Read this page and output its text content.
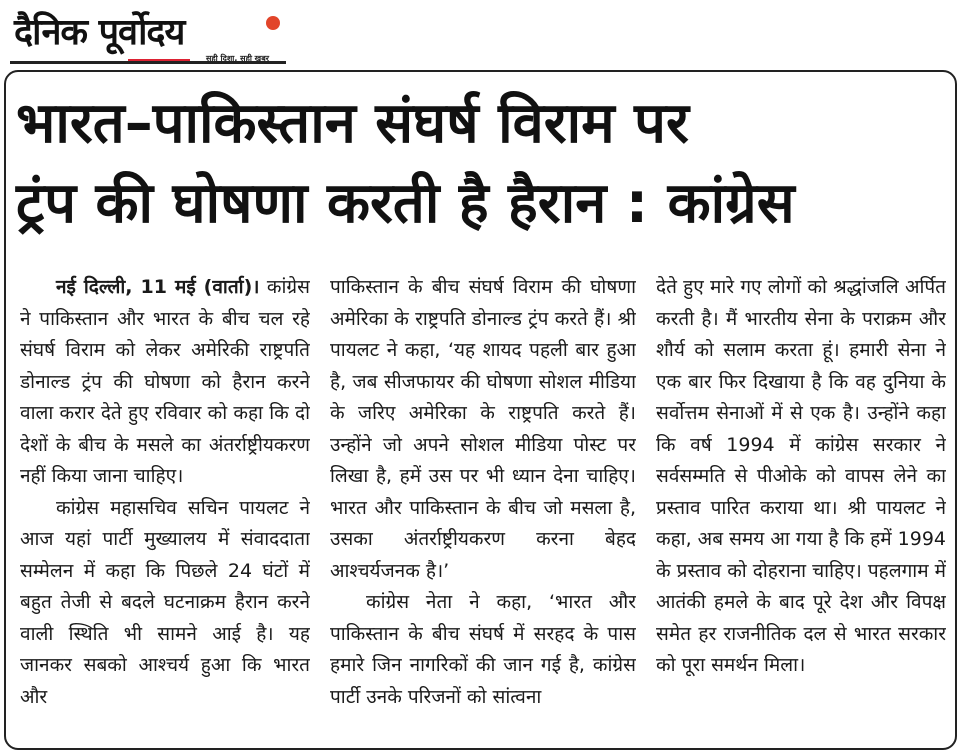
दैनिक पूर्वोदय
सही दिशा, सही खबर
भारत–पाकिस्तान संघर्ष विराम पर
ट्रंप की घोषणा करती है हैरान : कांग्रेस

नई दिल्ली, 11 मई (वार्ता)। कांग्रेस ने पाकिस्तान और भारत के बीच चल रहे संघर्ष विराम को लेकर अमेरिकी राष्ट्रपति डोनाल्ड ट्रंप की घोषणा को हैरान करने वाला करार देते हुए रविवार को कहा कि दो देशों के बीच के मसले का अंतर्राष्ट्रीयकरण नहीं किया जाना चाहिए।

कांग्रेस महासचिव सचिन पायलट ने आज यहां पार्टी मुख्यालय में संवाददाता सम्मेलन में कहा कि पिछले 24 घंटों में बहुत तेजी से बदले घटनाक्रम हैरान करने वाली स्थिति भी सामने आई है। यह जानकर सबको आश्चर्य हुआ कि भारत और

पाकिस्तान के बीच संघर्ष विराम की घोषणा अमेरिका के राष्ट्रपति डोनाल्ड ट्रंप करते हैं। श्री पायलट ने कहा, ‘यह शायद पहली बार हुआ है, जब सीजफायर की घोषणा सोशल मीडिया के जरिए अमेरिका के राष्ट्रपति करते हैं। उन्होंने जो अपने सोशल मीडिया पोस्ट पर लिखा है, हमें उस पर भी ध्यान देना चाहिए। भारत और पाकिस्तान के बीच जो मसला है, उसका अंतर्राष्ट्रीयकरण करना बेहद आश्चर्यजनक है।’

कांग्रेस नेता ने कहा, ‘भारत और पाकिस्तान के बीच संघर्ष में सरहद के पास हमारे जिन नागरिकों की जान गई है, कांग्रेस पार्टी उनके परिजनों को सांत्वना

देते हुए मारे गए लोगों को श्रद्धांजलि अर्पित करती है। मैं भारतीय सेना के पराक्रम और शौर्य को सलाम करता हूं। हमारी सेना ने एक बार फिर दिखाया है कि वह दुनिया के सर्वोत्तम सेनाओं में से एक है। उन्होंने कहा कि वर्ष 1994 में कांग्रेस सरकार ने सर्वसम्मति से पीओके को वापस लेने का प्रस्ताव पारित कराया था। श्री पायलट ने कहा, अब समय आ गया है कि हमें 1994 के प्रस्ताव को दोहराना चाहिए। पहलगाम में आतंकी हमले के बाद पूरे देश और विपक्ष समेत हर राजनीतिक दल से भारत सरकार को पूरा समर्थन मिला।
